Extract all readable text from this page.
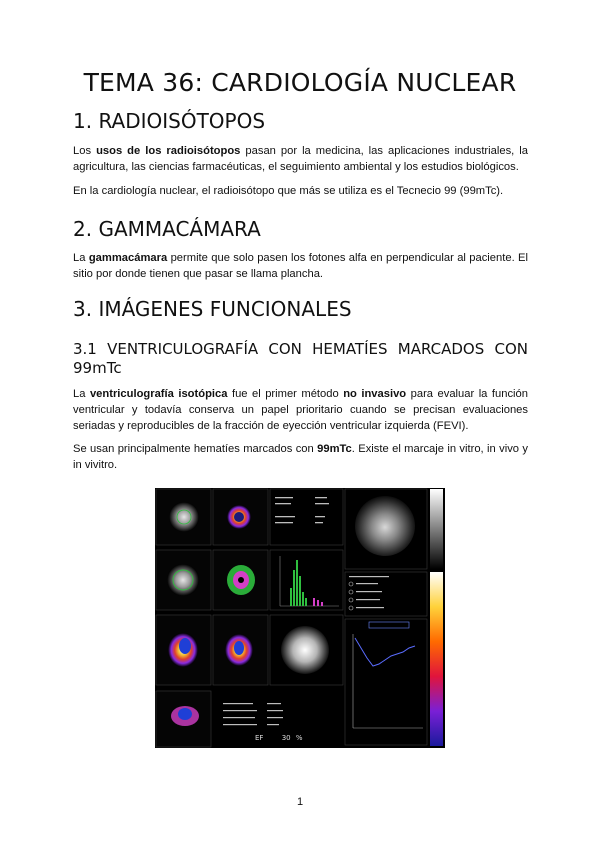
TEMA 36: CARDIOLOGÍA NUCLEAR
1. RADIOISÓTOPOS

Los usos de los radioisótopos pasan por la medicina, las aplicaciones industriales, la agricultura, las ciencias farmacéuticas, el seguimiento ambiental y los estudios biológicos.

En la cardiología nuclear, el radioisótopo que más se utiliza es el Tecnecio 99 (99mTc).

2. GAMMACÁMARA

La gammacámara permite que solo pasen los fotones alfa en perpendicular al paciente. El sitio por donde tienen que pasar se llama plancha.

3. IMÁGENES FUNCIONALES
3.1 VENTRICULOGRAFÍA CON HEMATÍES MARCADOS CON 99mTc

La ventriculografía isotópica fue el primer método no invasivo para evaluar la función ventricular y todavía conserva un papel prioritario cuando se precisan evaluaciones seriadas y reproducibles de la fracción de eyección ventricular izquierda (FEVI).

Se usan principalmente hematíes marcados con 99mTc. Existe el marcaje in vitro, in vivo y in vivitro.

EF	30 %
1
